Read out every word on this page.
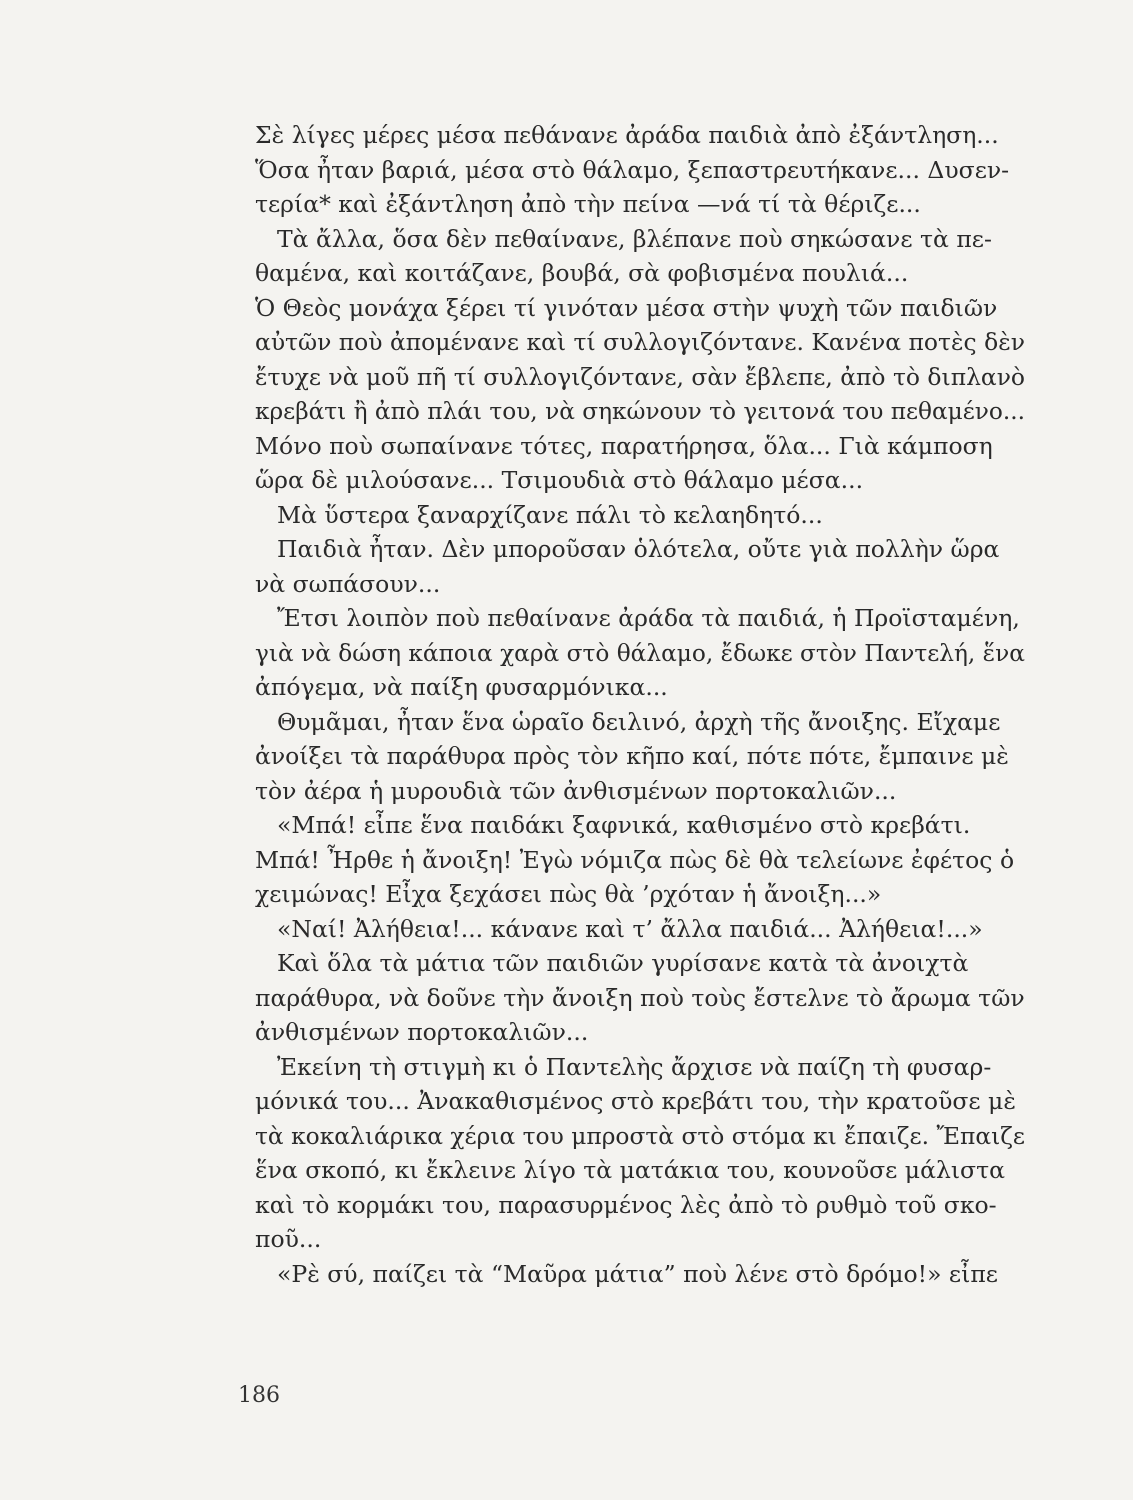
Σὲ λίγες μέρες μέσα πεθάνανε ἀράδα παιδιὰ ἀπὸ ἐξάντληση...
Ὅσα ἦταν βαριά, μέσα στὸ θάλαμο, ξεπαστρευτήκανε... Δυσεν-
τερία* καὶ ἐξάντληση ἀπὸ τὴν πείνα —νά τί τὰ θέριζε...
Τὰ ἄλλα, ὅσα δὲν πεθαίνανε, βλέπανε ποὺ σηκώσανε τὰ πε-
θαμένα, καὶ κοιτάζανε, βουβά, σὰ φοβισμένα πουλιά...
Ὁ Θεὸς μονάχα ξέρει τί γινόταν μέσα στὴν ψυχὴ τῶν παιδιῶν
αὐτῶν ποὺ ἀπομένανε καὶ τί συλλογιζόντανε. Κανένα ποτὲς δὲν
ἔτυχε νὰ μοῦ πῆ τί συλλογιζόντανε, σὰν ἔβλεπε, ἀπὸ τὸ διπλανὸ
κρεβάτι ἢ ἀπὸ πλάι του, νὰ σηκώνουν τὸ γειτονά του πεθαμένο...
Μόνο ποὺ σωπαίνανε τότες, παρατήρησα, ὅλα... Γιὰ κάμποση
ὥρα δὲ μιλούσανε... Τσιμουδιὰ στὸ θάλαμο μέσα...
Μὰ ὕστερα ξαναρχίζανε πάλι τὸ κελαηδητό...
Παιδιὰ ἦταν. Δὲν μποροῦσαν ὁλότελα, οὔτε γιὰ πολλὴν ὥρα
νὰ σωπάσουν...
Ἔτσι λοιπὸν ποὺ πεθαίνανε ἀράδα τὰ παιδιά, ἡ Προϊσταμένη,
γιὰ νὰ δώση κάποια χαρὰ στὸ θάλαμο, ἔδωκε στὸν Παντελή, ἕνα
ἀπόγεμα, νὰ παίξη φυσαρμόνικα...
Θυμᾶμαι, ἦταν ἕνα ὡραῖο δειλινό, ἀρχὴ τῆς ἄνοιξης. Εἴχαμε
ἀνοίξει τὰ παράθυρα πρὸς τὸν κῆπο καί, πότε πότε, ἔμπαινε μὲ
τὸν ἀέρα ἡ μυρουδιὰ τῶν ἀνθισμένων πορτοκαλιῶν...
«Μπά! εἶπε ἕνα παιδάκι ξαφνικά, καθισμένο στὸ κρεβάτι.
Μπά! Ἦρθε ἡ ἄνοιξη! Ἐγὼ νόμιζα πὼς δὲ θὰ τελείωνε ἐφέτος ὁ
χειμώνας! Εἶχα ξεχάσει πὼς θὰ ’ρχόταν ἡ ἄνοιξη...»
«Ναί! Ἀλήθεια!... κάνανε καὶ τ’ ἄλλα παιδιά... Ἀλήθεια!...»
Καὶ ὅλα τὰ μάτια τῶν παιδιῶν γυρίσανε κατὰ τὰ ἀνοιχτὰ
παράθυρα, νὰ δοῦνε τὴν ἄνοιξη ποὺ τοὺς ἔστελνε τὸ ἄρωμα τῶν
ἀνθισμένων πορτοκαλιῶν...
Ἐκείνη τὴ στιγμὴ κι ὁ Παντελὴς ἄρχισε νὰ παίζη τὴ φυσαρ-
μόνικά του... Ἀνακαθισμένος στὸ κρεβάτι του, τὴν κρατοῦσε μὲ
τὰ κοκαλιάρικα χέρια του μπροστὰ στὸ στόμα κι ἔπαιζε. Ἔπαιζε
ἕνα σκοπό, κι ἔκλεινε λίγο τὰ ματάκια του, κουνοῦσε μάλιστα
καὶ τὸ κορμάκι του, παρασυρμένος λὲς ἀπὸ τὸ ρυθμὸ τοῦ σκο-
ποῦ...
«Ρὲ σύ, παίζει τὰ “Μαῦρα μάτια” ποὺ λένε στὸ δρόμο!» εἶπε
186
